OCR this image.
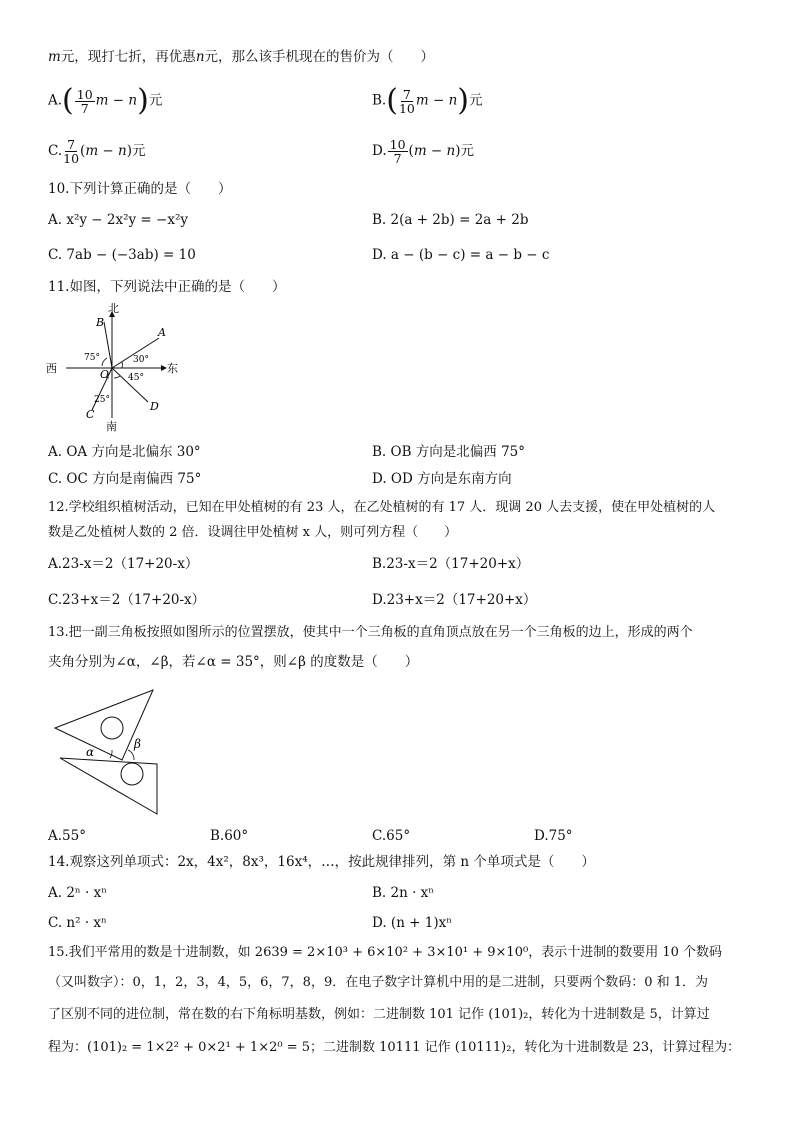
m元，现打七折，再优惠n元，那么该手机现在的售价为（　　）
$A.( \frac{10}{7}$ m − n)元	$B.( \frac{7}{10}$ m − n)元
C. $\frac{7}{10} (m - n)$元	D. $\frac{10}{7} (m - n)$元
10.下列计算正确的是（　　）
A. x²y − 2x²y = −x²y	B. 2(a + 2b) = 2a + 2b
C. 7ab − (−3ab) = 10	D. a − (b − c) = a − b − c
11.如图，下列说法中正确的是（　　）
北
南
东
西	O
A
B
C
D
75°	30°
45°
25°
A. OA 方向是北偏东 30°	B. OB 方向是北偏西 75°
C. OC 方向是南偏西 75°	D. OD 方向是东南方向
12.学校组织植树活动，已知在甲处植树的有 23 人，在乙处植树的有 17 人．现调 20 人去支援，使在甲处植树的人
数是乙处植树人数的 2 倍．设调往甲处植树 x 人，则可列方程（　　）
A.23-x＝2（17+20-x）	B.23-x＝2（17+20+x）
C.23+x＝2（17+20-x）	D.23+x＝2（17+20+x）
13.把一副三角板按照如图所示的位置摆放，使其中一个三角板的直角顶点放在另一个三角板的边上，形成的两个
夹角分别为∠α，∠β，若∠α = 35°，则∠β 的度数是（　　）
α
β
A.55°	B.60°	C.65°	D.75°
14.观察这列单项式：2x，4x²，8x³，16x⁴，…，按此规律排列，第 n 个单项式是（　　）
A. 2ⁿ · xⁿ	B. 2n · xⁿ
C. n² · xⁿ	D. (n + 1)xⁿ
15.我们平常用的数是十进制数，如 2639 = 2×10³ + 6×10² + 3×10¹ + 9×10⁰，表示十进制的数要用 10 个数码
（又叫数字）：0，1，2，3，4，5，6，7，8，9．在电子数字计算机中用的是二进制，只要两个数码：0 和 1．为
了区别不同的进位制，常在数的右下角标明基数，例如：二进制数 101 记作 (101)₂，转化为十进制数是 5，计算过
程为：(101)₂ = 1×2² + 0×2¹ + 1×2⁰ = 5；二进制数 10111 记作 (10111)₂，转化为十进制数是 23，计算过程为：
